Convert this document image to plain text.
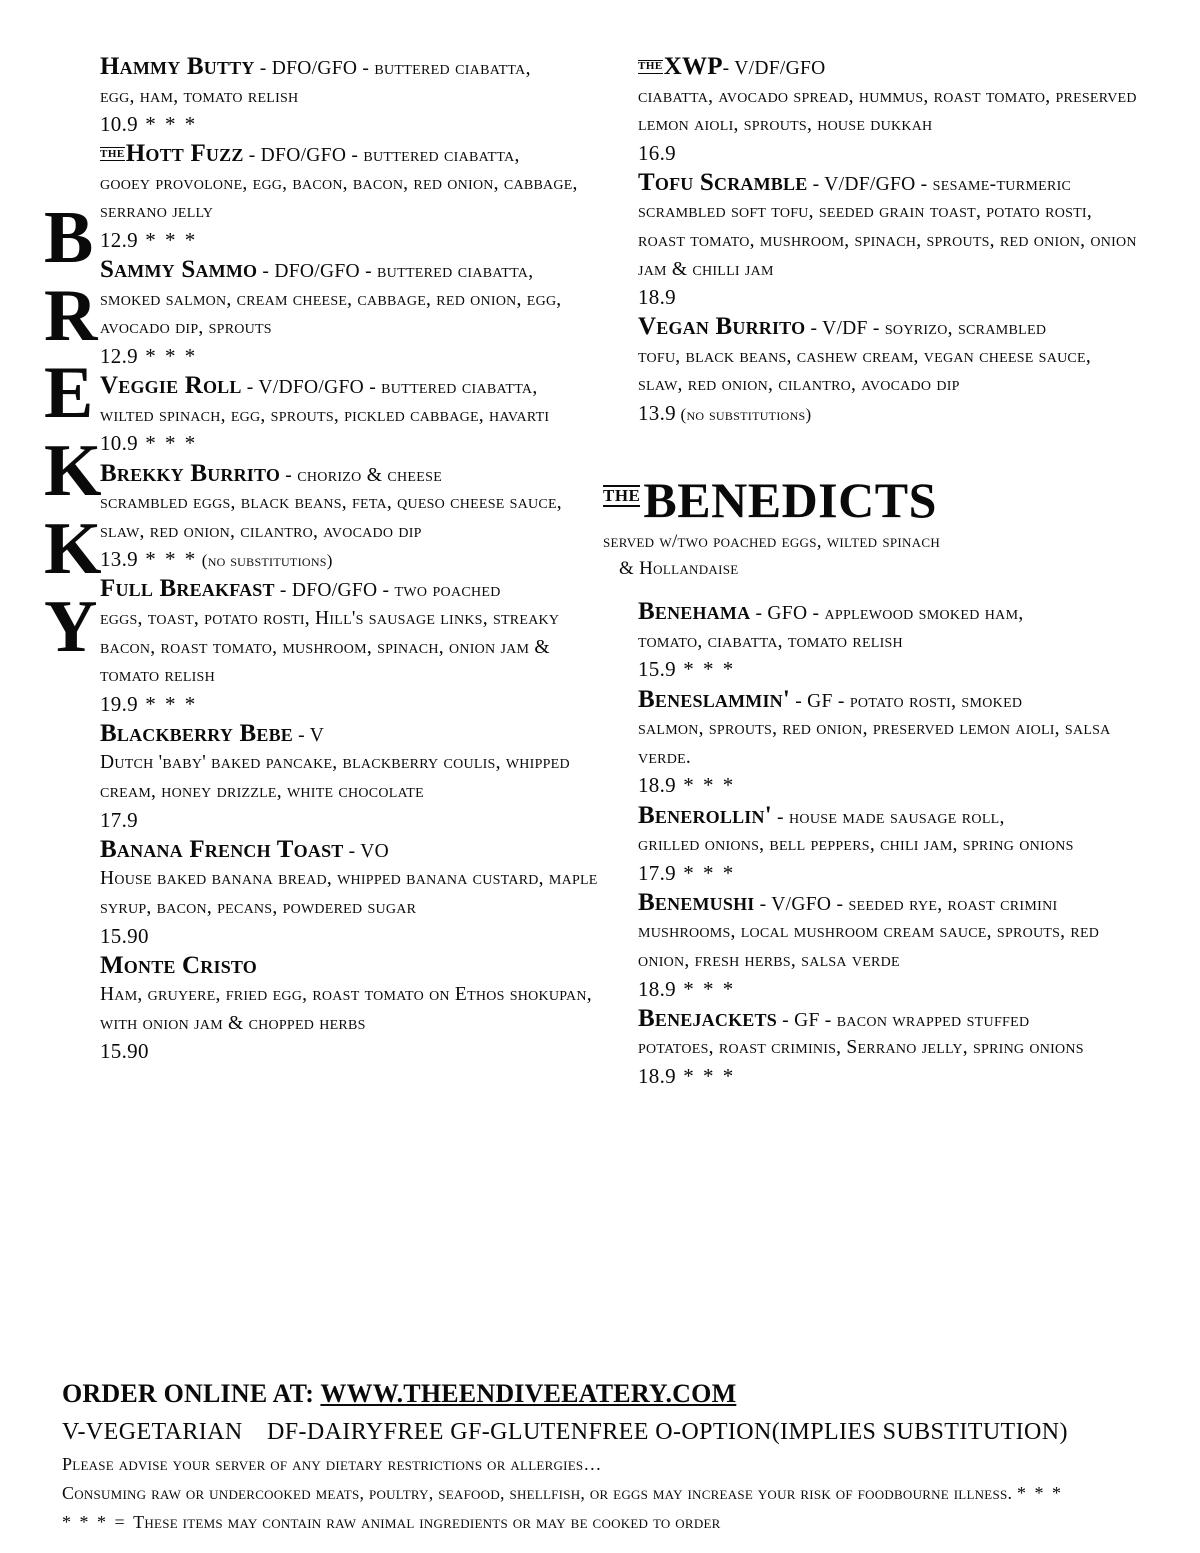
B
R
E
K
K
Y
Hammy Butty - DFO/GFO - buttered ciabatta,
egg, ham, tomato relish
10.9 * * *
THEHott Fuzz - DFO/GFO - buttered ciabatta,
gooey provolone, egg, bacon, bacon, red onion, cabbage, serrano jelly
12.9 * * *
Sammy Sammo - DFO/GFO - buttered ciabatta,
smoked salmon, cream cheese, cabbage, red onion, egg, avocado dip, sprouts
12.9 * * *
Veggie Roll - V/DFO/GFO - buttered ciabatta,
wilted spinach, egg, sprouts, pickled cabbage, havarti
10.9 * * *
Brekky Burrito - chorizo & cheese
scrambled eggs, black beans, feta, queso cheese sauce, slaw, red onion, cilantro, avocado dip
13.9 * * * (no substitutions)
Full Breakfast - DFO/GFO - two poached
eggs, toast, potato rosti, Hill's sausage links, streaky bacon, roast tomato, mushroom, spinach, onion jam & tomato relish
19.9 * * *
Blackberry Bebe - V
Dutch 'baby' baked pancake, blackberry coulis, whipped cream, honey drizzle, white chocolate
17.9
Banana French Toast - VO
House baked banana bread, whipped banana custard, maple syrup, bacon, pecans, powdered sugar
15.90
Monte Cristo
Ham, gruyere, fried egg, roast tomato on Ethos shokupan, with onion jam & chopped herbs
15.90
THEXWP- V/DF/GFO
ciabatta, avocado spread, hummus, roast tomato, preserved lemon aioli, sprouts, house dukkah
16.9
Tofu Scramble - V/DF/GFO - sesame-turmeric
scrambled soft tofu, seeded grain toast, potato rosti, roast tomato, mushroom, spinach, sprouts, red onion, onion jam & chilli jam
18.9
Vegan Burrito - V/DF - soyrizo, scrambled
tofu, black beans, cashew cream, vegan cheese sauce, slaw, red onion, cilantro, avocado dip
13.9 (no substitutions)
THEBENEDICTS
served w/two poached eggs, wilted spinach
& Hollandaise
Benehama - GFO - applewood smoked ham,
tomato, ciabatta, tomato relish
15.9 * * *
Beneslammin' - GF - potato rosti, smoked
salmon, sprouts, red onion, preserved lemon aioli, salsa verde.
18.9 * * *
Benerollin' - house made sausage roll,
grilled onions, bell peppers, chili jam, spring onions
17.9 * * *
Benemushi - V/GFO - seeded rye, roast crimini
mushrooms, local mushroom cream sauce, sprouts, red onion, fresh herbs, salsa verde
18.9 * * *
Benejackets - GF - bacon wrapped stuffed
potatoes, roast criminis, Serrano jelly, spring onions
18.9 * * *
ORDER ONLINE AT: WWW.THEENDIVEEATERY.COM
V-VEGETARIAN DF-DAIRYFREE GF-GLUTENFREE O-OPTION(IMPLIES SUBSTITUTION)
Please advise your server of any dietary restrictions or allergies…
Consuming raw or undercooked meats, poultry, seafood, shellfish, or eggs may increase your risk of foodbourne illness. * * *
* * * = These items may contain raw animal ingredients or may be cooked to order
